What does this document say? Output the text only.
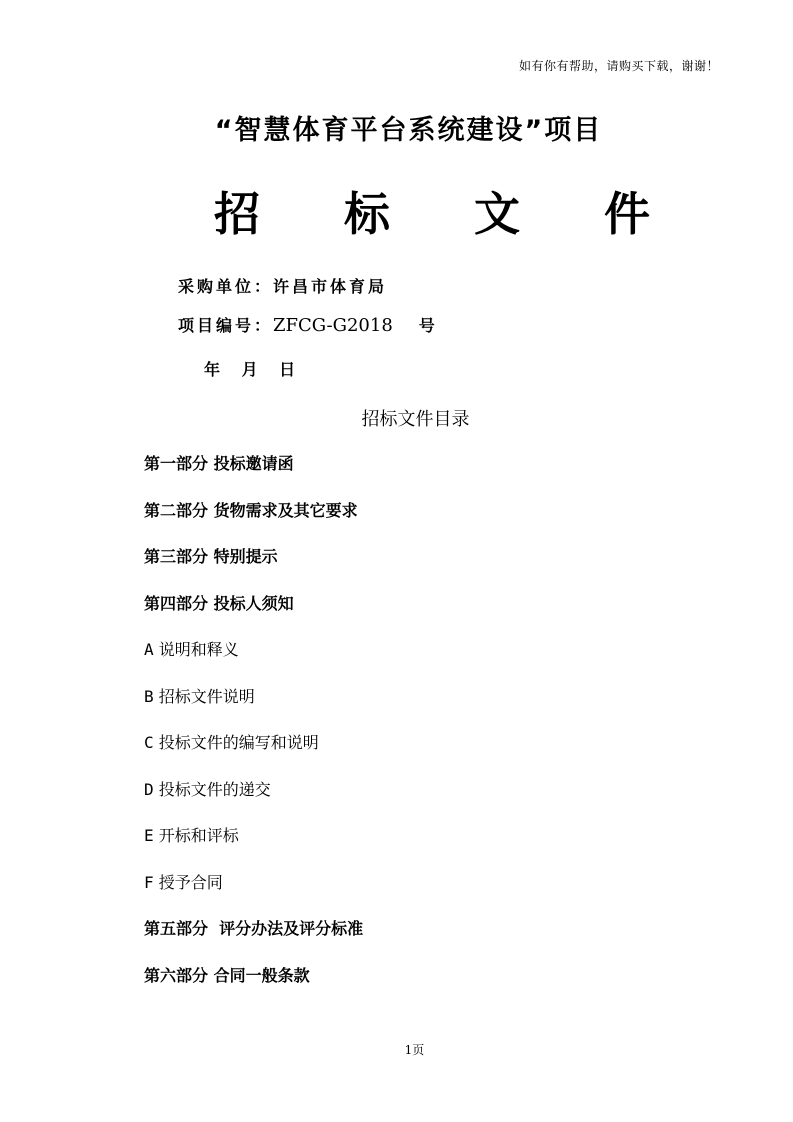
如有你有帮助，请购买下载，谢谢！
“智慧体育平台系统建设”项目
招标文件
采购单位：许昌市体育局
项目编号：ZFCG-G2018 号
年 月 日
招标文件目录
第一部分 投标邀请函
第二部分 货物需求及其它要求
第三部分 特别提示
第四部分 投标人须知
A 说明和释义
B 招标文件说明
C 投标文件的编写和说明
D 投标文件的递交
E 开标和评标
F 授予合同
第五部分  评分办法及评分标准
第六部分 合同一般条款
1页
